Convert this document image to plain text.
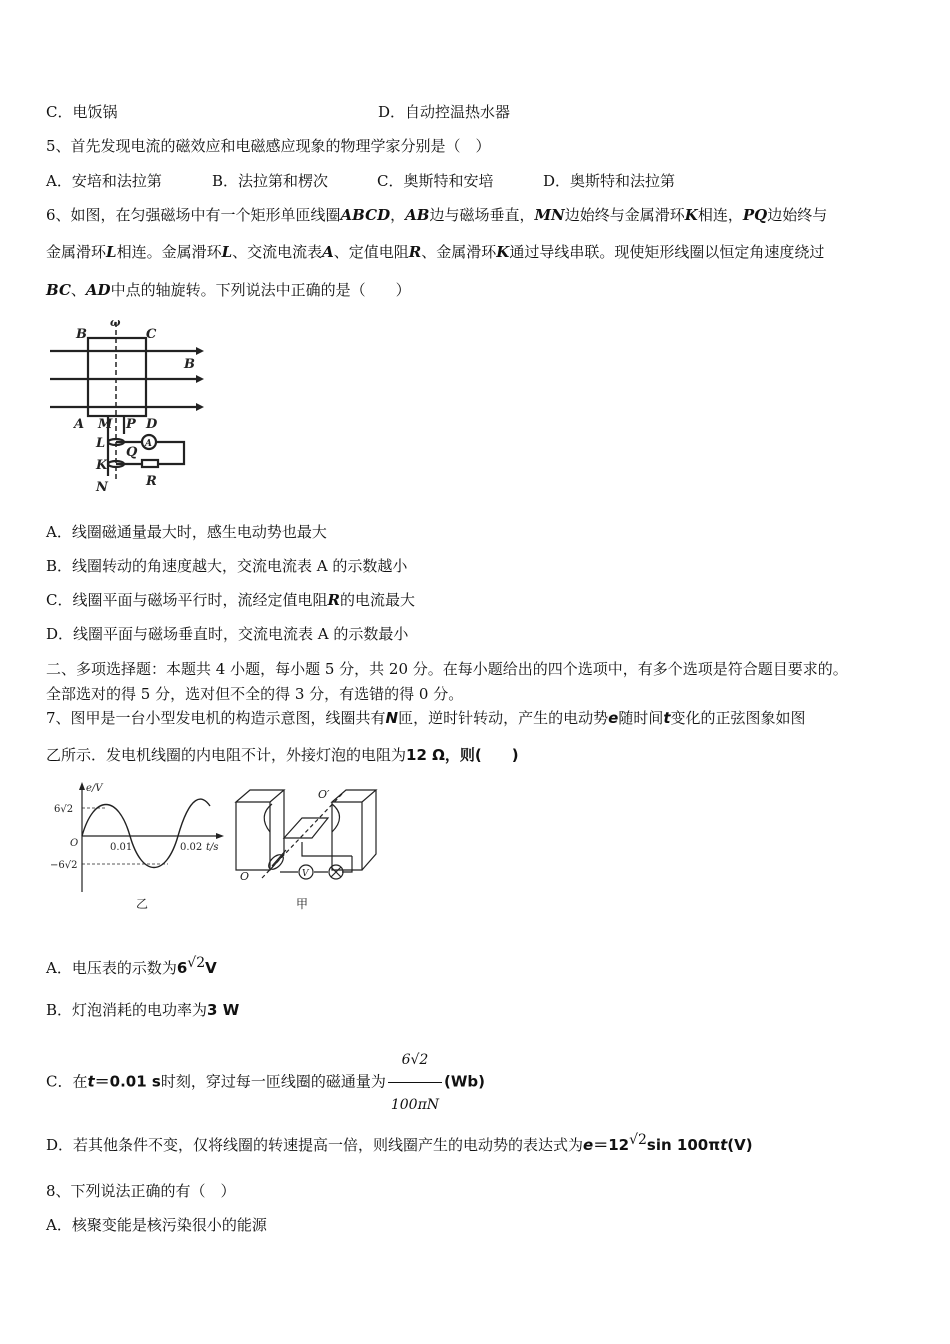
C．电饭锅	D．自动控温热水器
5、首先发现电流的磁效应和电磁感应现象的物理学家分别是（　）
A．安培和法拉第	B．法拉第和楞次	C．奥斯特和安培	D．奥斯特和法拉第
6、如图，在匀强磁场中有一个矩形单匝线圈ABCD，AB边与磁场垂直，MN边始终与金属滑环K相连，PQ边始终与
金属滑环L相连。金属滑环L、交流电流表A、定值电阻R、金属滑环K通过导线串联。现使矩形线圈以恒定角速度绕过
BC、AD中点的轴旋转。下列说法中正确的是（　　）
B
ω
C
B
A M P D
L
Q
K
N	R
A
A．线圈磁通量最大时，感生电动势也最大
B．线圈转动的角速度越大，交流电流表 A 的示数越小
C．线圈平面与磁场平行时，流经定值电阻R的电流最大
D．线圈平面与磁场垂直时，交流电流表 A 的示数最小
二、多项选择题：本题共 4 小题，每小题 5 分，共 20 分。在每小题给出的四个选项中，有多个选项是符合题目要求的。
全部选对的得 5 分，选对但不全的得 3 分，有选错的得 0 分。
7、图甲是一台小型发电机的构造示意图，线圈共有N匝，逆时针转动，产生的电动势e随时间t变化的正弦图象如图
乙所示．发电机线圈的内电阻不计，外接灯泡的电阻为12 Ω，则(　　)
e/V
6√2
O	0.01	0.02 t/s
−6√2
乙
O′
O	V
甲
A．电压表的示数为6√2V
B．灯泡消耗的电功率为3 W
C．在t＝0.01 s时刻，穿过每一匝线圈的磁通量为 $\frac{6√2}{100\pi N} (Wb)$
D．若其他条件不变，仅将线圈的转速提高一倍，则线圈产生的电动势的表达式为e＝12√2sin 100πt(V)
8、下列说法正确的有（　）
A．核聚变能是核污染很小的能源
